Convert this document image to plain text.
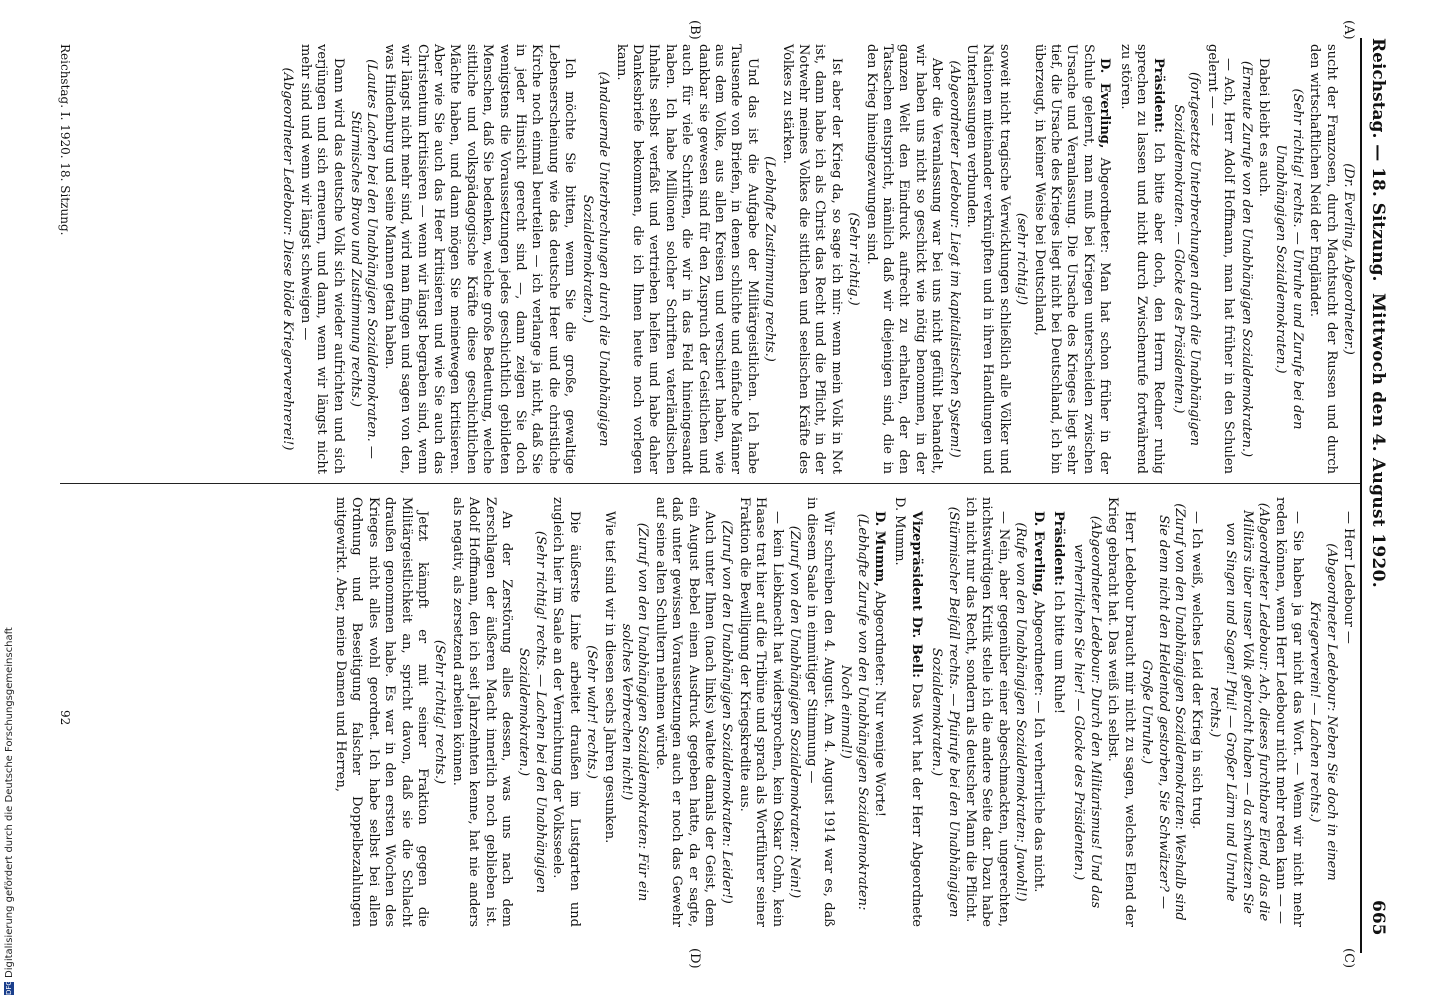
Reichstag. — 18. Sitzung.
Mittwoch den 4. August 1920.
665
(A)
(B)
(C)
(D)

(Dr. Everling, Abgeordneter.)

sucht der Franzosen, durch Machtsucht der Russen und durch den wirtschaftlichen Neid der Engländer.

(Sehr richtig! rechts. — Unruhe und Zurufe bei den Unabhängigen Sozialdemokraten.)

Dabei bleibt es auch.

(Erneute Zurufe von den Unabhängigen Sozialdemokraten.)

— Ach, Herr Adolf Hoffmann, man hat früher in den Schulen gelernt — —

(fortgesetzte Unterbrechungen durch die Unabhängigen Sozialdemokraten. — Glocke des Präsidenten.)

Präsident: Ich bitte aber doch, den Herrn Redner ruhig sprechen zu lassen und nicht durch Zwischenrufe fortwährend zu stören.

D. Everling, Abgeordneter: Man hat schon früher in der Schule gelernt, man muß bei Kriegen unterscheiden zwischen Ursache und Veranlassung. Die Ursache des Krieges liegt sehr tief, die Ursache des Krieges liegt nicht bei Deutschland, ich bin überzeugt, in keiner Weise bei Deutschland,

(sehr richtig!)

soweit nicht tragische Verwicklungen schließlich alle Völker und Nationen miteinander verknüpften und in ihren Handlungen und Unterlassungen verbunden.

(Abgeordneter Ledebour: Liegt im kapitalistischen System!)

Aber die Veranlassung war bei uns nicht gefühlt behandelt, wir haben uns nicht so geschickt wie nötig benommen, in der ganzen Welt den Eindruck aufrecht zu erhalten, der den Tatsachen entspricht, nämlich daß wir diejenigen sind, die in den Krieg hineingezwungen sind.

(Sehr richtig.)

Ist aber der Krieg da, so sage ich mir: wenn mein Volk in Not ist, dann habe ich als Christ das Recht und die Pflicht, in der Notwehr meines Volkes die sittlichen und seelischen Kräfte des Volkes zu stärken.

(Lebhafte Zustimmung rechts.)

Und das ist die Aufgabe der Militärgeistlichen. Ich habe Tausende von Briefen, in denen schlichte und einfache Männer aus dem Volke, aus allen Kreisen und verschiert haben, wie dankbar sie gewesen sind für den Zuspruch der Geistlichen und auch für viele Schriften, die wir in das Feld hineingesandt haben. Ich habe Millionen solcher Schriften vaterländischen Inhalts selbst verfaßt und vertrieben helfen und habe daher Dankesbriefe bekommen, die ich Ihnen heute noch vorlegen kann.

(Andauernde Unterbrechungen durch die Unabhängigen Sozialdemokraten.)

Ich möchte Sie bitten, wenn Sie die große, gewaltige Lebenserscheinung wie das deutsche Heer und die christliche Kirche noch einmal beurteilen — ich verlange ja nicht, daß Sie in jeder Hinsicht gerecht sind —, dann zeigen Sie doch wenigstens die Voraussetzungen jedes geschichtlich gebildeten Menschen, daß Sie bedenken, welche große Bedeutung, welche sittliche und volkspädagogische Kräfte diese geschichtlichen Mächte haben, und dann mögen Sie meinetwegen kritisieren. Aber wie Sie auch das Heer kritisieren und wie Sie auch das Christentum kritisieren — wenn wir längst begraben sind, wenn wir längst nicht mehr sind, wird man fingen und sagen von den, was Hindenburg und seine Mannen getan haben.

(Lautes Lachen bei den Unabhängigen Sozialdemokraten. — Stürmisches Bravo und Zustimmung rechts.)

Dann wird das deutsche Volk sich wieder aufrichten und sich verjüngen und sich erneuern, und dann, wenn wir längst nicht mehr sind und wenn wir längst schweigen —

(Abgeordneter Ledebour: Diese blöde Kriegerverehrerei!)

— Herr Ledebour —

(Abgeordneter Ledebour: Neben Sie doch in einem Kriegerverein! — Lachen rechts.)

— Sie haben ja gar nicht das Wort. — Wenn wir nicht mehr reden können, wenn Herr Ledebour nicht mehr reden kann — —

(Abgeordneter Ledebour: Ach, dieses furchtbare Elend, das die Militärs über unser Volk gebracht haben — da schwatzen Sie von Singen und Sagen! Pfui! — Großer Lärm und Unruhe rechts.)

— Ich weiß, welches Leid der Krieg in sich trug.

(Zuruf von den Unabhängigen Sozialdemokraten: Weshalb sind Sie denn nicht den Heldentod gestorben, Sie Schwätzer? — Große Unruhe.)

Herr Ledebour braucht mir nicht zu sagen, welches Elend der Krieg gebracht hat. Das weiß ich selbst.

(Abgeordneter Ledebour: Durch den Militarismus! Und das verherrlichen Sie hier! — Glocke des Präsidenten.)

Präsident: Ich bitte um Ruhe!

D. Everling, Abgeordneter: — Ich verherrliche das nicht.

(Rufe von den Unabhängigen Sozialdemokraten: Jawohl!)

— Nein, aber gegenüber einer abgeschmackten, ungerechten, nichtswürdigen Kritik stelle ich die andere Seite dar. Dazu habe ich nicht nur das Recht, sondern als deutscher Mann die Pflicht.

(Stürmischer Beifall rechts. — Pfuirufe bei den Unabhängigen Sozialdemokraten.)

Vizepräsident Dr. Bell: Das Wort hat der Herr Abgeordnete D. Mumm.

D. Mumm, Abgeordneter: Nur wenige Worte!

(Lebhafte Zurufe von den Unabhängigen Sozialdemokraten: Noch einmal!)

Wir schreiben den 4. August. Am 4. August 1914 war es, daß in diesem Saale in einmütiger Stimmung —

(Zuruf von den Unabhängigen Sozialdemokraten: Nein!)

— kein Liebknecht hat widersprochen, kein Oskar Cohn, kein Haase trat hier auf die Tribüne und sprach als Wortführer seiner Fraktion die Bewilligung der Kriegskredite aus.

(Zuruf von den Unabhängigen Sozialdemokraten: Leider!)

Auch unter Ihnen (nach links) waltete damals der Geist, dem ein August Bebel einen Ausdruck gegeben hatte, da er sagte, daß unter gewissen Voraussetzungen auch er noch das Gewehr auf seine alten Schultern nehmen würde.

(Zuruf von den Unabhängigen Sozialdemokraten: Für ein solches Verbrechen nicht!)

Wie tief sind wir in diesen sechs Jahren gesunken.

(Sehr wahr! rechts.)

Die äußerste Linke arbeitet draußen im Lustgarten und zugleich hier im Saale an der Vernichtung der Volksseele.

(Sehr richtig! rechts. — Lachen bei den Unabhängigen Sozialdemokraten.)

An der Zerstörung alles dessen, was uns nach dem Zerschlagen der äußeren Macht innerlich noch geblieben ist. Adolf Hoffmann, den ich seit Jahrzehnten kenne, hat nie anders als negativ, als zersetzend arbeiten können.

(Sehr richtig! rechts.)

Jetzt kämpft er mit seiner Fraktion gegen die Militärgeistlichkeit an, spricht davon, daß sie die Schlacht draußen genommen habe. Es war in den ersten Wochen des Krieges nicht alles wohl geordnet. Ich habe selbst bei allen Ordnung und Beseitigung falscher Doppelbezahlungen mitgewirkt. Aber, meine Damen und Herren,

Reichstag. I. 1920. 18. Sitzung.
92
DFGDigitalisierung gefördert durch die Deutsche Forschungsgemeinschaft
